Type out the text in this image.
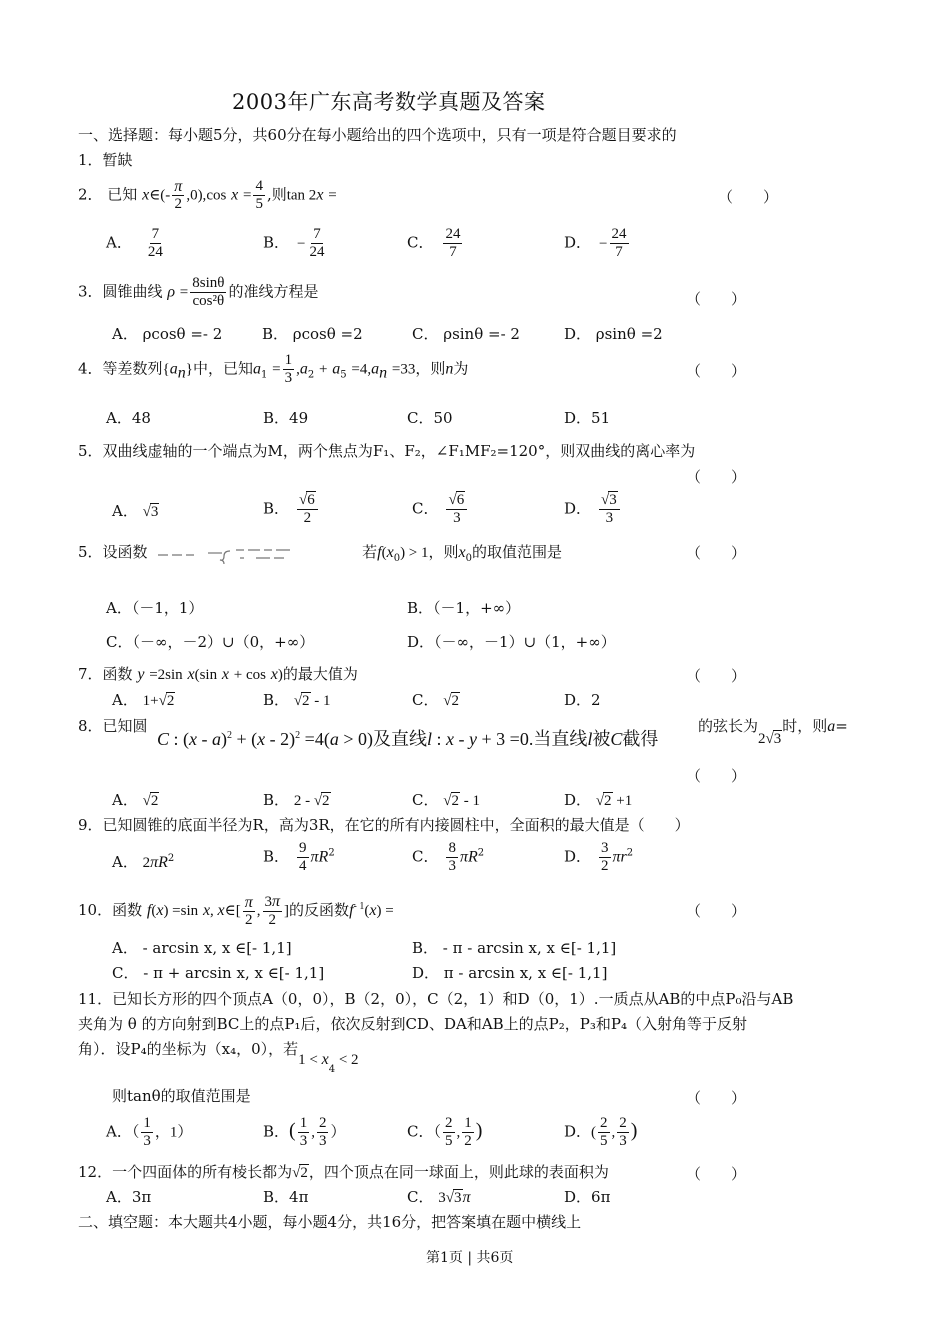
2003年广东高考数学真题及答案
一、选择题：每小题5分，共60分在每小题给出的四个选项中，只有一项是符合题目要求的
1．暂缺
2． 已知 x∈(- $\frac{\pi}{2} ,0),\cos$ $x = \frac{4}{5}$ ,则tan 2x =	（　　）
A． $\frac{7}{24}$	B． − $\frac{7}{24}$	C． $\frac{24}{7}$	D． − $\frac{24}{7}$
3．圆锥曲线 $\rho = \frac{8\sin\theta}{\text{cos²θ}}$ 的准线方程是	（　　）
A． ρcosθ =- 2	B． ρcosθ =2	C． ρsinθ =- 2	D． ρsinθ =2
4．等差数列$\{a_n\}$中，已知$a_1 = \frac{1}{3} ,a_2 + a_5 =4,a_n =33$，则n为	（　　）
A．48	B．49	C．50	D．51
5．双曲线虚轴的一个端点为M，两个焦点为F₁、F₂，∠F₁MF₂=120°，则双曲线的离心率为
（　　）
A． √3	B． $\frac{√6}{2}$	C． $\frac{√6}{3}$	D． $\frac{√3}{3}$
5．设函数	若$f(x_0) > 1$，则$x_0$的取值范围是	（　　）
A．（－1，1）	B．（－1，+∞）
C．（－∞，－2）∪（0，+∞）	D．（－∞，－1）∪（1，+∞）
7．函数 y =2sin x(sin x + cos x)的最大值为	（　　）
A． 1+√2	B． √2 - 1	C． √2	D．2
8．已知圆
C : (x - a)$^2$ + (x - 2)$^2$ =4(a > 0)及直线l : x - y + 3 =0.当直线l被C截得
的弦长为2√3时，则a=
（　　）
A． √2	B． 2 - √2	C． √2 - 1	D． √2 +1
9．已知圆锥的底面半径为R，高为3R，在它的所有内接圆柱中，全面积的最大值是（　　）
A． $2\pi R^2$	B． $\frac{9}{4} \pi R^2$	C． $\frac{8}{3} \pi R^2$	D． $\frac{3}{2} \pi r^2$
10．函数 f(x) =sin x, x∈[ $\frac{\pi}{2}$ , $\frac{3\pi}{2}$ ]的反函数$f^{- 1}(x)$ =	（　　）
A． - arcsin x, x ∈[- 1,1]	B． - π - arcsin x, x ∈[- 1,1]
C． - π + arcsin x, x ∈[- 1,1]	D． π - arcsin x, x ∈[- 1,1]
11．已知长方形的四个顶点A（0，0），B（2，0），C（2，1）和D（0，1）.一质点从AB的中点P₀沿与AB
夹角为 θ 的方向射到BC上的点P₁后，依次反射到CD、DA和AB上的点P₂，P₃和P₄（入射角等于反射
角）．设P₄的坐标为（x₄，0），若$1 < x_4 < 2$
则tanθ的取值范围是	（　　）
A．（ $\frac{1}{3}$ ，1）	B．( $\frac{1}{3}$ , $\frac{2}{3}$ ）	C．（ $\frac{2}{5}$ , $\frac{1}{2}$ )	D．( $\frac{2}{5}$ , $\frac{2}{3}$ )
12．一个四面体的所有棱长都为√2，四个顶点在同一球面上，则此球的表面积为	（　　）
A．3π	B．4π	C． 3√3π	D．6π
二、填空题：本大题共4小题，每小题4分，共16分，把答案填在题中横线上
第1页 | 共6页
